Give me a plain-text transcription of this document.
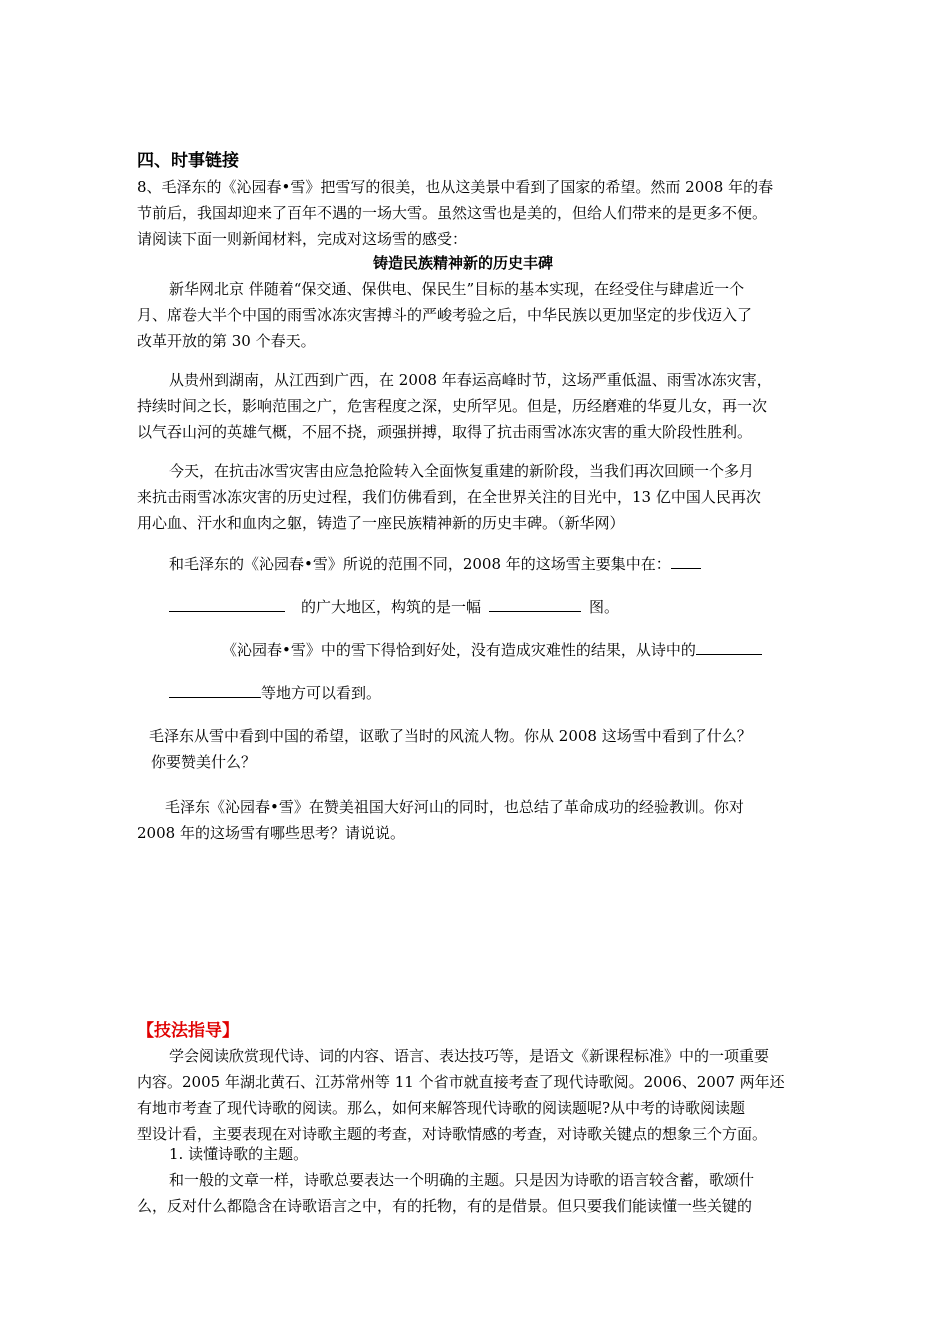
四、时事链接
8、毛泽东的《沁园春•雪》把雪写的很美，也从这美景中看到了国家的希望。然而 2008 年的春
节前后，我国却迎来了百年不遇的一场大雪。虽然这雪也是美的，但给人们带来的是更多不便。
请阅读下面一则新闻材料，完成对这场雪的感受：
铸造民族精神新的历史丰碑
新华网北京 伴随着“保交通、保供电、保民生”目标的基本实现，在经受住与肆虐近一个
月、席卷大半个中国的雨雪冰冻灾害搏斗的严峻考验之后，中华民族以更加坚定的步伐迈入了
改革开放的第 30 个春天。
从贵州到湖南，从江西到广西，在 2008 年春运高峰时节，这场严重低温、雨雪冰冻灾害，
持续时间之长，影响范围之广，危害程度之深，史所罕见。但是，历经磨难的华夏儿女，再一次
以气吞山河的英雄气概，不屈不挠，顽强拼搏，取得了抗击雨雪冰冻灾害的重大阶段性胜利。
今天，在抗击冰雪灾害由应急抢险转入全面恢复重建的新阶段，当我们再次回顾一个多月
来抗击雨雪冰冻灾害的历史过程，我们仿佛看到，在全世界关注的目光中，13 亿中国人民再次
用心血、汗水和血肉之躯，铸造了一座民族精神新的历史丰碑。（新华网）
和毛泽东的《沁园春•雪》所说的范围不同，2008 年的这场雪主要集中在：
的广大地区，构筑的是一幅	图。
《沁园春•雪》中的雪下得恰到好处，没有造成灾难性的结果，从诗中的
等地方可以看到。
毛泽东从雪中看到中国的希望，讴歌了当时的风流人物。你从 2008 这场雪中看到了什么？
你要赞美什么？
毛泽东《沁园春•雪》在赞美祖国大好河山的同时，也总结了革命成功的经验教训。你对
2008 年的这场雪有哪些思考？请说说。
【技法指导】
学会阅读欣赏现代诗、词的内容、语言、表达技巧等，是语文《新课程标准》中的一项重要
内容。2005 年湖北黄石、江苏常州等 11 个省市就直接考查了现代诗歌阅。2006、2007 两年还
有地市考查了现代诗歌的阅读。那么，如何来解答现代诗歌的阅读题呢?从中考的诗歌阅读题
型设计看，主要表现在对诗歌主题的考查，对诗歌情感的考查，对诗歌关键点的想象三个方面。
1. 读懂诗歌的主题。
和一般的文章一样，诗歌总要表达一个明确的主题。只是因为诗歌的语言较含蓄，歌颂什
么，反对什么都隐含在诗歌语言之中，有的托物，有的是借景。但只要我们能读懂一些关键的
